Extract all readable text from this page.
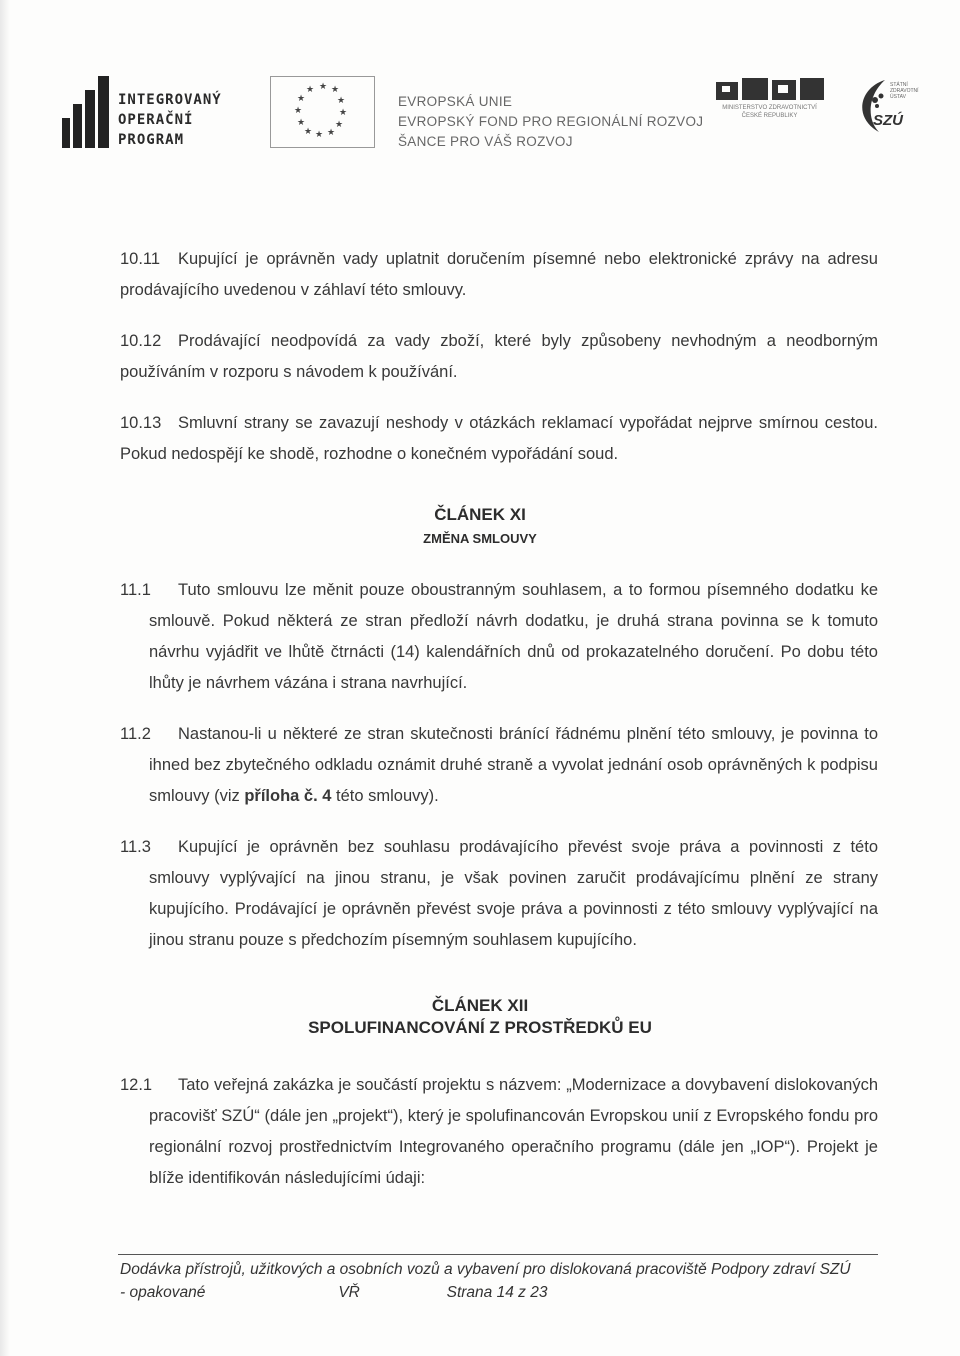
INTEGROVANÝ
OPERAČNÍ
PROGRAM
★ ★
★
★
★
★
★
★
★
★
★
★
EVROPSKÁ UNIE
EVROPSKÝ FOND PRO REGIONÁLNÍ ROZVOJ
ŠANCE PRO VÁŠ ROZVOJ
MINISTERSTVO ZDRAVOTNICTVÍ
ČESKÉ REPUBLIKY
STÁTNÍ
ZDRAVOTNÍ
ÚSTAV
SZÚ
10.11	Kupující je oprávněn vady uplatnit doručením písemné nebo elektronické zprávy na adresu prodávajícího uvedenou v záhlaví této smlouvy.
10.12	Prodávající neodpovídá za vady zboží, které byly způsobeny nevhodným a neodborným používáním v rozporu s návodem k používání.
10.13	Smluvní strany se zavazují neshody v otázkách reklamací vypořádat nejprve smírnou cestou. Pokud nedospějí ke shodě, rozhodne o konečném vypořádání soud.
ČLÁNEK XI
ZMĚNA SMLOUVY
11.1	Tuto smlouvu lze měnit pouze oboustranným souhlasem, a to formou písemného dodatku ke smlouvě. Pokud některá ze stran předloží návrh dodatku, je druhá strana povinna se k tomuto návrhu vyjádřit ve lhůtě čtrnácti (14) kalendářních dnů od prokazatelného doručení. Po dobu této lhůty je návrhem vázána i strana navrhující.
11.2	Nastanou-li u některé ze stran skutečnosti bránící řádnému plnění této smlouvy, je povinna to ihned bez zbytečného odkladu oznámit druhé straně a vyvolat jednání osob oprávněných k podpisu smlouvy (viz příloha č. 4 této smlouvy).
11.3	Kupující je oprávněn bez souhlasu prodávajícího převést svoje práva a povinnosti z této smlouvy vyplývající na jinou stranu, je však povinen zaručit prodávajícímu plnění ze strany kupujícího. Prodávající je oprávněn převést svoje práva a povinnosti z této smlouvy vyplývající na jinou stranu pouze s předchozím písemným souhlasem kupujícího.
ČLÁNEK XII
SPOLUFINANCOVÁNÍ Z PROSTŘEDKŮ EU
12.1	Tato veřejná zakázka je součástí projektu s názvem: „Modernizace a dovybavení dislokovaných pracovišť SZÚ“ (dále jen „projekt“), který je spolufinancován Evropskou unií z Evropského fondu pro regionální rozvoj prostřednictvím Integrovaného operačního programu (dále jen „IOP“). Projekt je blíže identifikován následujícími údaji:
Dodávka přístrojů, užitkových a osobních vozů a vybavení pro dislokovaná pracoviště Podpory zdraví SZÚ
- opakované	VŘ	Strana 14 z 23
